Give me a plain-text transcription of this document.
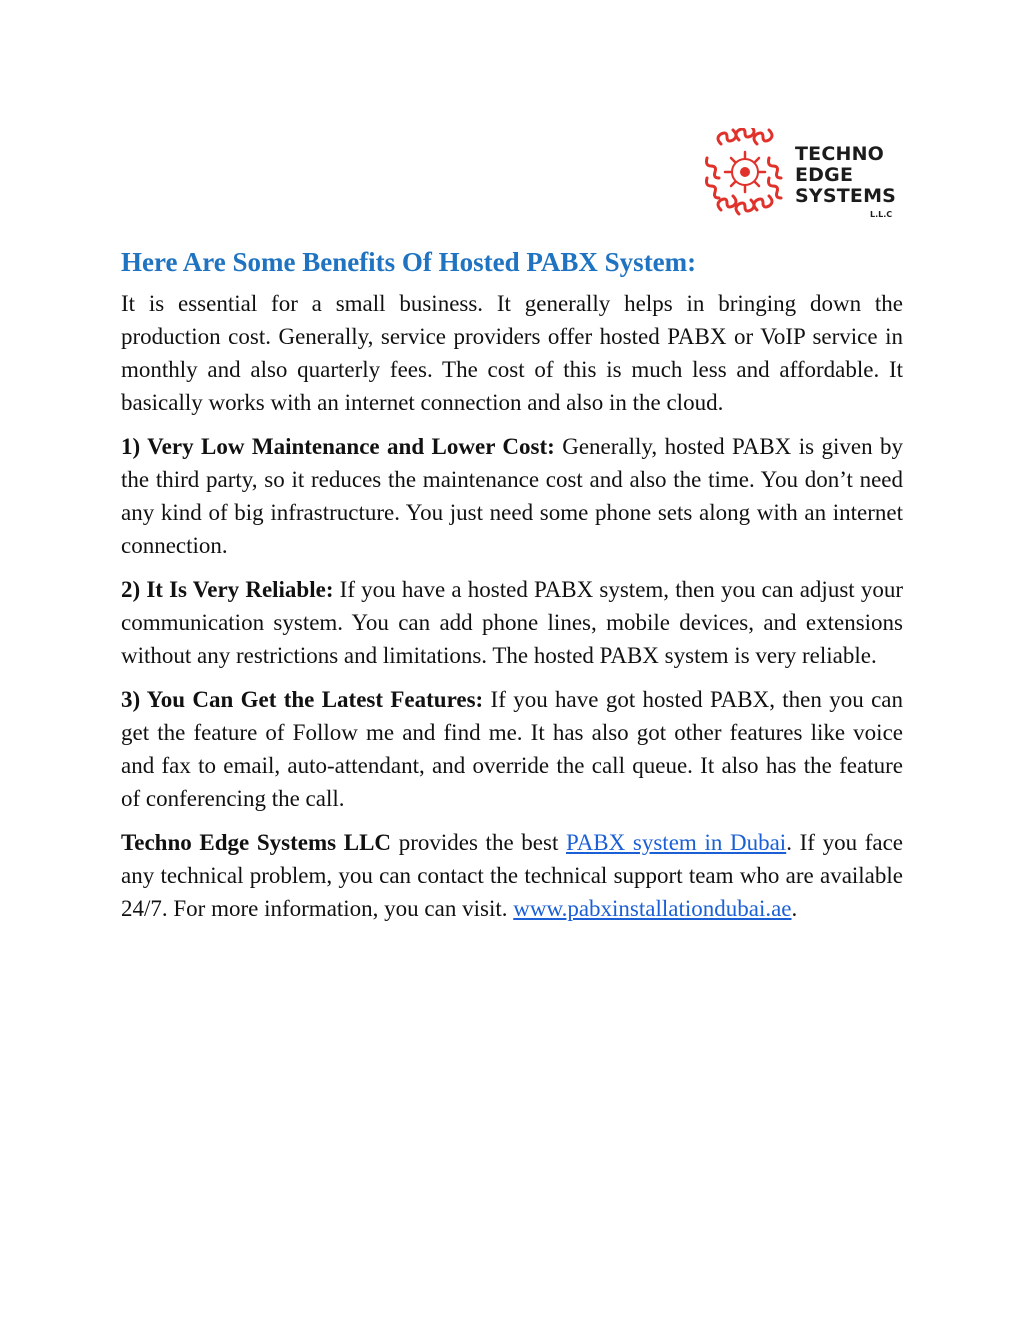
TECHNO
EDGE
SYSTEMS
L.L.C
Here Are Some Benefits Of Hosted PABX System:

It is essential for a small business. It generally helps in bringing down the production cost. Generally, service providers offer hosted PABX or VoIP service in monthly and also quarterly fees. The cost of this is much less and affordable. It basically works with an internet connection and also in the cloud.

1) Very Low Maintenance and Lower Cost: Generally, hosted PABX is given by the third party, so it reduces the maintenance cost and also the time. You don’t need any kind of big infrastructure. You just need some phone sets along with an internet connection.

2) It Is Very Reliable: If you have a hosted PABX system, then you can adjust your communication system. You can add phone lines, mobile devices, and extensions without any restrictions and limitations. The hosted PABX system is very reliable.

3) You Can Get the Latest Features: If you have got hosted PABX, then you can get the feature of Follow me and find me. It has also got other features like voice and fax to email, auto-attendant, and override the call queue. It also has the feature of conferencing the call.

Techno Edge Systems LLC provides the best PABX system in Dubai. If you face any technical problem, you can contact the technical support team who are available 24/7. For more information, you can visit. www.pabxinstallationdubai.ae.
